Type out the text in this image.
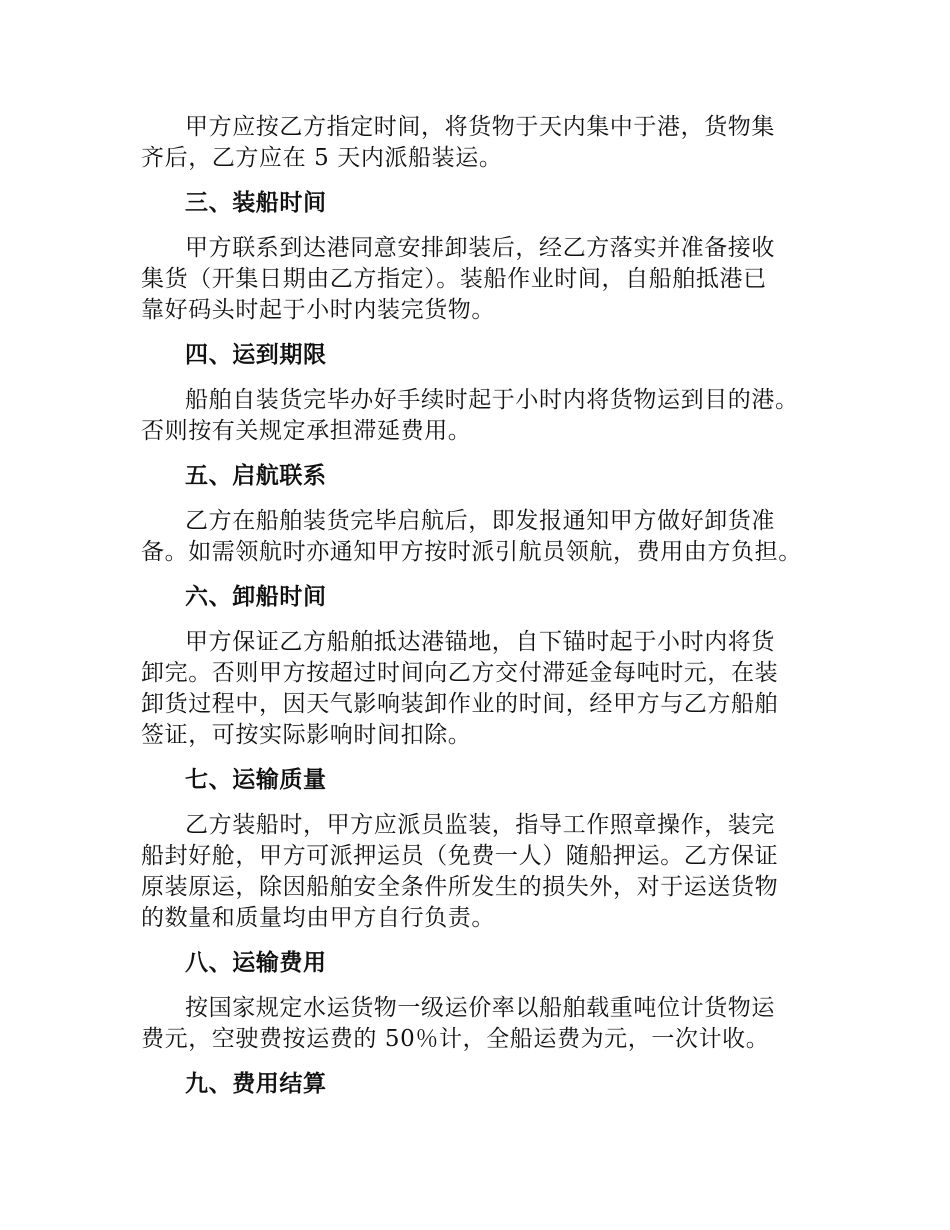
甲方应按乙方指定时间，将货物于天内集中于港，货物集
齐后，乙方应在 5 天内派船装运。

三、装船时间

甲方联系到达港同意安排卸装后，经乙方落实并准备接收
集货（开集日期由乙方指定）。装船作业时间，自船舶抵港已
靠好码头时起于小时内装完货物。

四、运到期限

船舶自装货完毕办好手续时起于小时内将货物运到目的港。
否则按有关规定承担滞延费用。

五、启航联系

乙方在船舶装货完毕启航后，即发报通知甲方做好卸货准
备。如需领航时亦通知甲方按时派引航员领航，费用由方负担。

六、卸船时间

甲方保证乙方船舶抵达港锚地，自下锚时起于小时内将货
卸完。否则甲方按超过时间向乙方交付滞延金每吨时元，在装
卸货过程中，因天气影响装卸作业的时间，经甲方与乙方船舶
签证，可按实际影响时间扣除。

七、运输质量

乙方装船时，甲方应派员监装，指导工作照章操作，装完
船封好舱，甲方可派押运员（免费一人）随船押运。乙方保证
原装原运，除因船舶安全条件所发生的损失外，对于运送货物
的数量和质量均由甲方自行负责。

八、运输费用

按国家规定水运货物一级运价率以船舶载重吨位计货物运
费元，空驶费按运费的 50％计，全船运费为元，一次计收。

九、费用结算
